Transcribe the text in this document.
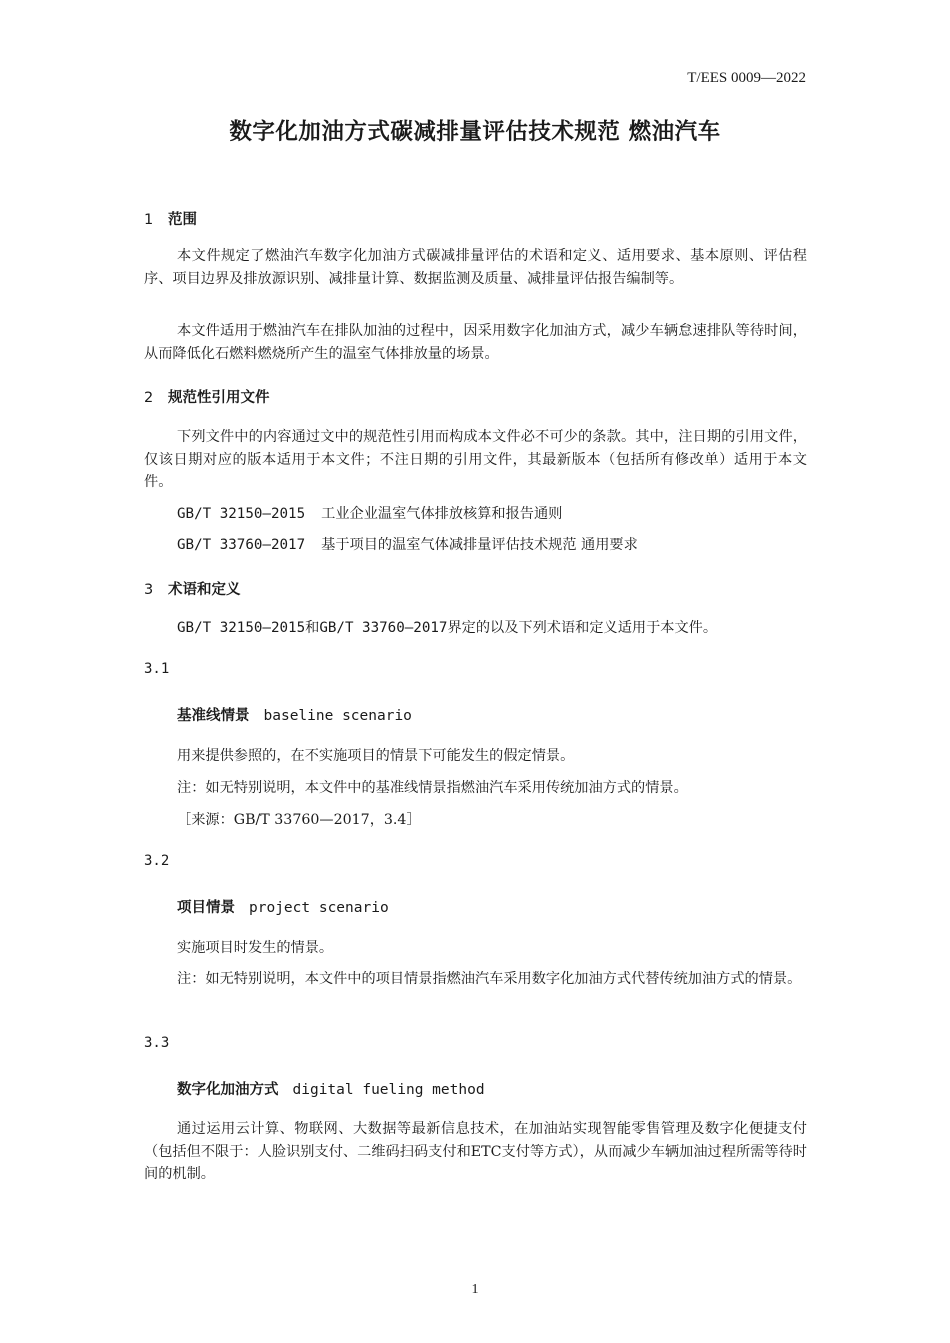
T/EES 0009—2022
数字化加油方式碳减排量评估技术规范 燃油汽车
1 范围
本文件规定了燃油汽车数字化加油方式碳减排量评估的术语和定义、适用要求、基本原则、评估程序、项目边界及排放源识别、减排量计算、数据监测及质量、减排量评估报告编制等。
本文件适用于燃油汽车在排队加油的过程中，因采用数字化加油方式，减少车辆怠速排队等待时间，从而降低化石燃料燃烧所产生的温室气体排放量的场景。
2 规范性引用文件
下列文件中的内容通过文中的规范性引用而构成本文件必不可少的条款。其中，注日期的引用文件，仅该日期对应的版本适用于本文件；不注日期的引用文件，其最新版本（包括所有修改单）适用于本文件。
GB/T 32150—2015 工业企业温室气体排放核算和报告通则
GB/T 33760—2017 基于项目的温室气体减排量评估技术规范 通用要求
3 术语和定义
GB/T 32150—2015和GB/T 33760—2017界定的以及下列术语和定义适用于本文件。
3.1
基准线情景 baseline scenario
用来提供参照的，在不实施项目的情景下可能发生的假定情景。
注：如无特别说明，本文件中的基准线情景指燃油汽车采用传统加油方式的情景。
［来源：GB/T 33760—2017，3.4］
3.2
项目情景 project scenario
实施项目时发生的情景。
注：如无特别说明，本文件中的项目情景指燃油汽车采用数字化加油方式代替传统加油方式的情景。
3.3
数字化加油方式 digital fueling method
通过运用云计算、物联网、大数据等最新信息技术，在加油站实现智能零售管理及数字化便捷支付（包括但不限于：人脸识别支付、二维码扫码支付和ETC支付等方式），从而减少车辆加油过程所需等待时间的机制。
1
